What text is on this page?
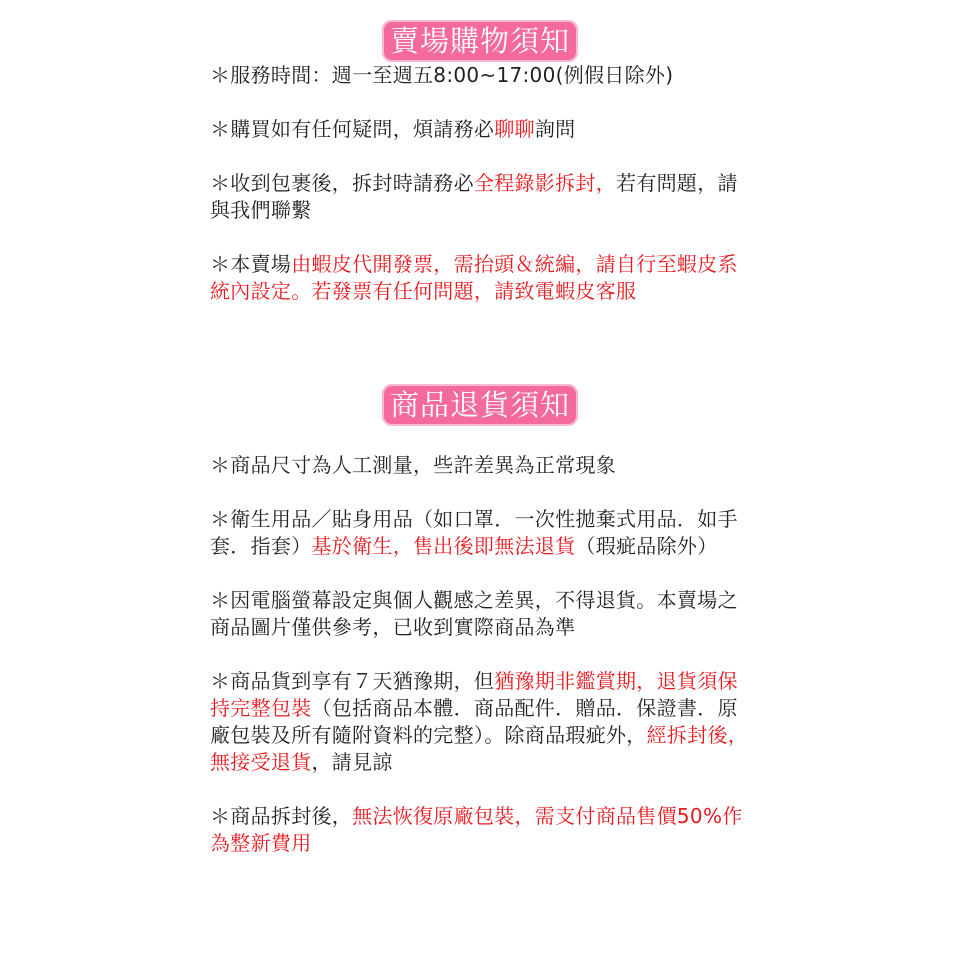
賣場購物須知

＊服務時間：週一至週五8:00~17:00(例假日除外)

＊購買如有任何疑問，煩請務必聊聊詢問

＊收到包裹後，拆封時請務必全程錄影拆封，若有問題，請與我們聯繫

＊本賣場由蝦皮代開發票，需抬頭＆統編，請自行至蝦皮系統內設定。若發票有任何問題，請致電蝦皮客服

商品退貨須知

＊商品尺寸為人工測量，些許差異為正常現象

＊衛生用品／貼身用品（如口罩．一次性拋棄式用品．如手套．指套）基於衛生，售出後即無法退貨（瑕疵品除外）

＊因電腦螢幕設定與個人觀感之差異，不得退貨。本賣場之商品圖片僅供參考，已收到實際商品為準

＊商品貨到享有７天猶豫期，但猶豫期非鑑賞期，退貨須保持完整包裝（包括商品本體．商品配件．贈品．保證書．原廠包裝及所有隨附資料的完整）。除商品瑕疵外，經拆封後，無接受退貨，請見諒

＊商品拆封後，無法恢復原廠包裝，需支付商品售價50%作為整新費用
